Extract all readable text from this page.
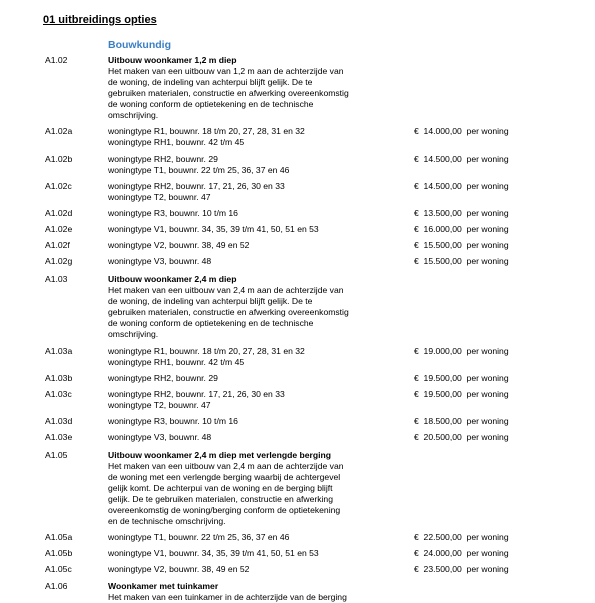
01 uitbreidings opties
Bouwkundig
A1.02	Uitbouw woonkamer 1,2 m diep
Het maken van een uitbouw van 1,2 m aan de achterzijde van
de woning, de indeling van achterpui blijft gelijk. De te
gebruiken materialen, constructie en afwerking overeenkomstig
de woning conform de optietekening en de technische
omschrijving.
A1.02a	woningtype R1, bouwnr. 18 t/m 20, 27, 28, 31 en 32
woningtype RH1, bouwnr. 42 t/m 45
€  14.000,00  per woning
A1.02b	woningtype RH2, bouwnr. 29
woningtype T1, bouwnr. 22 t/m 25, 36, 37 en 46
€  14.500,00  per woning
A1.02c	woningtype RH2, bouwnr. 17, 21, 26, 30 en 33
woningtype T2, bouwnr. 47
€  14.500,00  per woning
A1.02d	woningtype R3, bouwnr. 10 t/m 16	€  13.500,00  per woning
A1.02e	woningtype V1, bouwnr. 34, 35, 39 t/m 41, 50, 51 en 53	€  16.000,00  per woning
A1.02f	woningtype V2, bouwnr. 38, 49 en 52	€  15.500,00  per woning
A1.02g	woningtype V3, bouwnr. 48	€  15.500,00  per woning
A1.03	Uitbouw woonkamer 2,4 m diep
Het maken van een uitbouw van 2,4 m aan de achterzijde van
de woning, de indeling van achterpui blijft gelijk. De te
gebruiken materialen, constructie en afwerking overeenkomstig
de woning conform de optietekening en de technische
omschrijving.
A1.03a	woningtype R1, bouwnr. 18 t/m 20, 27, 28, 31 en 32
woningtype RH1, bouwnr. 42 t/m 45
€  19.000,00  per woning
A1.03b	woningtype RH2, bouwnr. 29	€  19.500,00  per woning
A1.03c	woningtype RH2, bouwnr. 17, 21, 26, 30 en 33
woningtype T2, bouwnr. 47
€  19.500,00  per woning
A1.03d	woningtype R3, bouwnr. 10 t/m 16	€  18.500,00  per woning
A1.03e	woningtype V3, bouwnr. 48	€  20.500,00  per woning
A1.05	Uitbouw woonkamer 2,4 m diep met verlengde berging
Het maken van een uitbouw van 2,4 m aan de achterzijde van
de woning met een verlengde berging waarbij de achtergevel
gelijk komt. De achterpui van de woning en de berging blijft
gelijk. De te gebruiken materialen, constructie en afwerking
overeenkomstig de woning/berging conform de optietekening
en de technische omschrijving.
A1.05a	woningtype T1, bouwnr. 22 t/m 25, 36, 37 en 46	€  22.500,00  per woning
A1.05b	woningtype V1, bouwnr. 34, 35, 39 t/m 41, 50, 51 en 53	€  24.000,00  per woning
A1.05c	woningtype V2, bouwnr. 38, 49 en 52	€  23.500,00  per woning
A1.06	Woonkamer met tuinkamer
Het maken van een tuinkamer in de achterzijde van de berging
